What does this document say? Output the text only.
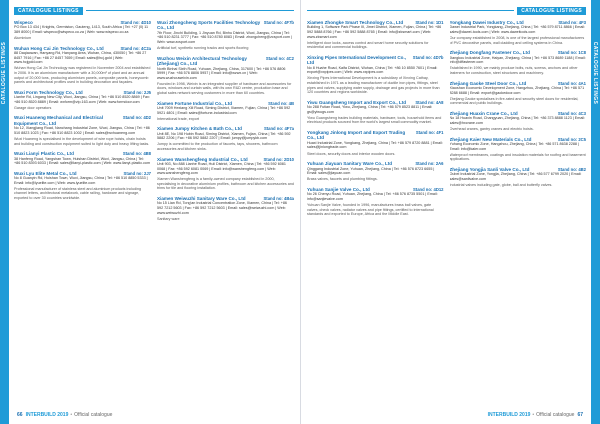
CATALOGUE LISTINGS
CATALOGUE LISTINGS
Wispeco	Stand no: 4D10
PO Box 13 434 | Knights, Germiston, Gauteng, 1413, South Africa | Tel: +27 (0) 11 389 8000 | Email: wispeco@wispeco.co.za | Web: www.wispeco.co.za
Aluminium
Wuhan Hong Cai Jin Technology Co., Ltd	Stand no: 4C2a
88 Daqiaowan, Hanyang Rd, Hanyang Area, Wuhan, China, 430050 | Tel: +86 27 8457 7916 | Fax: +86 27 8457 7659 | Email: sales@hcj.gold | Web: www.hcjgold.com
Wuhan Hong Cai Jin Technology was registered in November 2004 and established in 2006. It is an aluminium manufacturer with a 30,000m² of plant and an annual output of 20,000 tons, producing aluminium panels, composite panels, honeycomb panels and architectural profiles used in building decoration and façades.
Wuxi Form Technology Co., Ltd	Stand no: 2J5
Lianhe Rd, Lingang New City, Wuxi, Jiangsu, China | Tel: +86 510 8520 8869 | Fax: +86 510 8520 8889 | Email: wxform@vip.163.com | Web: www.formdoor.com
Garage door operators
Wuxi Huaneng Mechanical and Electrical Equipment Co., Ltd
Stand no: 4D2
No 12, Xiangjiang Road, Nanchang Industrial Zone, Wuxi, Jiangsu, China | Tel: +86 510 8823 1023 | Fax: +86 510 8823 1002 | Email: sales@wxhuaneng.com
Wuxi Huaneng is specialised in the development of wire rope hoists, chain hoists and building and construction equipment suited to light duty and heavy lifting tasks.
Wuxi Lianyi Plastic Co., Ltd	Stand no: 4B8
38 Hanfeng Road, Yangshan Town, Huishan District, Wuxi, Jiangsu, China | Tel: +86 510 8393 6033 | Email: sales@lianyi-plastic.com | Web: www.lianyi-plastic.com
Wuxi Lyu Elite Metal Co., Ltd	Stand no: 2J7
No 8 Guanyin Rd, Huishan Town, Wuxi, Jiangsu, China | Tel: +86 510 8850 5333 | Email: info@lyuelite.com | Web: www.lyuelite.com
Professional manufacturer of stainless steel and aluminium products including channel letters, architectural metalwork, cable railing, hardware and signage, exported to over 30 countries worldwide.
Wuxi Zhongcheng Sports Facilities Technology Co., Ltd
Stand no: 4F7b
7th Floor, Jinchi Building, 1 Jinyuan Rd, Binhu District, Wuxi, Jiangsu, China | Tel: +86 510 8231 3777 | Fax: +86 510 8780 8083 | Email: zhongcheng@zcsport.com | Web: www.zcsport.com
Artificial turf, synthetic running tracks and sports flooring
Wuzhou Weixin Architectural Technology (Zhejiang) Co., Ltd
Stand no: 4C2
North Binhai Sixth Road, Yuhuan, Zhejiang, China, 317600 | Tel: +86 576 8806 5999 | Fax: +86 576 8806 5957 | Email: info@wzwx.cn | Web: www.wuzhouweixin.com
Founded in 1998, Weixin is an integrated supplier of hardware and accessories for doors, windows and curtain walls, with its own R&D centre, production base and global sales network serving customers in more than 60 countries.
Xiamen Fortune Industrial Co., Ltd	Stand no: 4B
Unit 7009 Hexiang Xili Road, Siming District, Xiamen, Fujian, China | Tel: +86 592 5921 4801 | Email: sales@fortune-industrial.com
International trade, export
Xiamen Jumpy Kitchen & Bath Co., Ltd	Stand no: 4F7a
Unit 8E, No 198 Hubin Road, Siming District, Xiamen, Fujian, China | Tel: +86 592 5882 2206 | Fax: +86 592 5882 2207 | Email: jumpy@jumpykb.com
Jumpy is committed to the production of faucets, taps, showers, bathroom accessories and kitchen sinks.
Xiamen Wanshengfeng Industrial Co., Ltd	Stand no: 2D10
Unit 903, No 888 Lianhe Road, Huli District, Xiamen, China | Tel: +86 592 6081 0068 | Fax: +86 592 6081 0069 | Email: info@wanshengfeng.com | Web: www.wanshengfeng.com
Xiamen Wanshengfeng is a family-owned company established in 2000, specialising in decorative aluminium profiles, bathroom and kitchen accessories and trims for tile and flooring installation.
Xiamen Weiwuzhi Sanitary Ware Co., Ltd	Stand no: 4B4a
No 15 Lian Rd, Tong'an Industrial Concentration Zone, Xiamen, China | Tel: +86 592 7212 5603 | Fax: +86 592 7212 5603 | Email: sales@weiwuzhi.com | Web: www.weiwuzhi.com
Sanitary ware
66 INTERBUILD 2019 • Official catalogue
CATALOGUE LISTINGS
CATALOGUE LISTINGS
Xiamen Zhongke Smart Technology Co., Ltd	Stand no: 1D1
Building 1, Software Park Phase III, Jimei District, Xiamen, Fujian, China | Tel: +86 592 5888 8766 | Fax: +86 592 5888 8765 | Email: info@zksmart.com | Web: www.zksmart.com
Intelligent door locks, access control and smart home security solutions for residential and commercial buildings.
Xinxing Pipes International Development Co., Ltd
Stand no: 4D7b
No 8 Huahe Road, Kaifa District, Wuhan, China | Tel: +86 10 8550 7601 | Email: export@xxpipes.com | Web: www.xxpipes.com
Xinxing Pipes International Development is a subsidiary of Xinxing Cathay, established in 1971 as a leading manufacturer of ductile iron pipes, fittings, steel pipes and valves, supplying water supply, drainage and gas projects in more than 120 countries and regions worldwide.
Yiwu Guangsheng Import and Export Co., Ltd Stand no: 4A8
No 288 Futian Road, Yiwu, Zhejiang, China | Tel: +86 579 8523 8811 | Email: gs@yiwugs.com
Yiwu Guangsheng trades building materials, hardware, tools, household items and electrical products sourced from the world's largest small commodity market.
Yongkang Jinlong Import and Export Trading Co., Ltd
Stand no: 4F1
Huaxi Industrial Zone, Yongkang, Zhejiang, China | Tel: +86 579 8720 8881 | Email: sales@jinlongtrade.com
Steel doors, security doors and interior wooden doors.
Yuhuan Jiayuan Sanitary Ware Co., Ltd	Stand no: 2A6
Qinggang Industrial Zone, Yuhuan, Zhejiang, China | Tel: +86 576 8723 6655 | Email: sales@jiayuan.com
Brass valves, faucets and plumbing fittings.
Yuhuan Sanjie Valve Co., Ltd	Stand no: 4D12
No 26 Chenyu Road, Yuhuan, Zhejiang, China | Tel: +86 576 8735 5501 | Email: info@sanjievalve.com
Yuhuan Sanjie Valve, founded in 1996, manufactures brass ball valves, gate valves, check valves, radiator valves and pipe fittings, certified to international standards and exported to Europe, Africa and the Middle East.
Yongkang Dawei Industry Co., Ltd	Stand no: 4F3
Dawei Industrial Park, Yongkang, Zhejiang, China | Tel: +86 579 8711 8866 | Email: sales@dawei-tools.com | Web: www.daweitools.com
Our company established in 2008, is one of the largest professional manufacturers of PVC decorative panels, wall cladding and ceiling systems in China.
Zhejiang Dongfang Fastener Co., Ltd	Stand no: 1C8
Jiangkou Industrial Zone, Haiyan, Zhejiang, China | Tel: +86 573 8689 1188 | Email: info@dffastener.com
Established in 1990, we mainly produce bolts, nuts, screws, anchors and other fasteners for construction, steel structures and machinery.
Zhejiang Gaoke Steel Door Co., Ltd	Stand no: 4A1
Xiaoshan Economic Development Zone, Hangzhou, Zhejiang, China | Tel: +86 571 8288 6688 | Email: export@gaokedoor.com
Zhejiang Gaoke specialises in fire-rated and security steel doors for residential, commercial and public buildings.
Zhejiang Huaxin Crane Co., Ltd	Stand no: 4C3
No 18 Huaxin Road, Changyuan, Zhejiang, China | Tel: +86 373 8888 1123 | Email: sales@hxcrane.com
Overhead cranes, gantry cranes and electric hoists.
Zhejiang Kaier New Materials Co., Ltd	Stand no: 2C5
Yuhang Economic Zone, Hangzhou, Zhejiang, China | Tel: +86 571 8638 2288 | Email: info@kaier.com
Waterproof membranes, coatings and insulation materials for roofing and basement applications.
Zhejiang Yongjia Sanli Valve Co., Ltd	Stand no: 4B2
Oubei Industrial Zone, Yongjia, Zhejiang, China | Tel: +86 577 6799 2020 | Email: sales@sanlivalve.com
Industrial valves including gate, globe, ball and butterfly valves.
INTERBUILD 2019 • Official catalogue 67
